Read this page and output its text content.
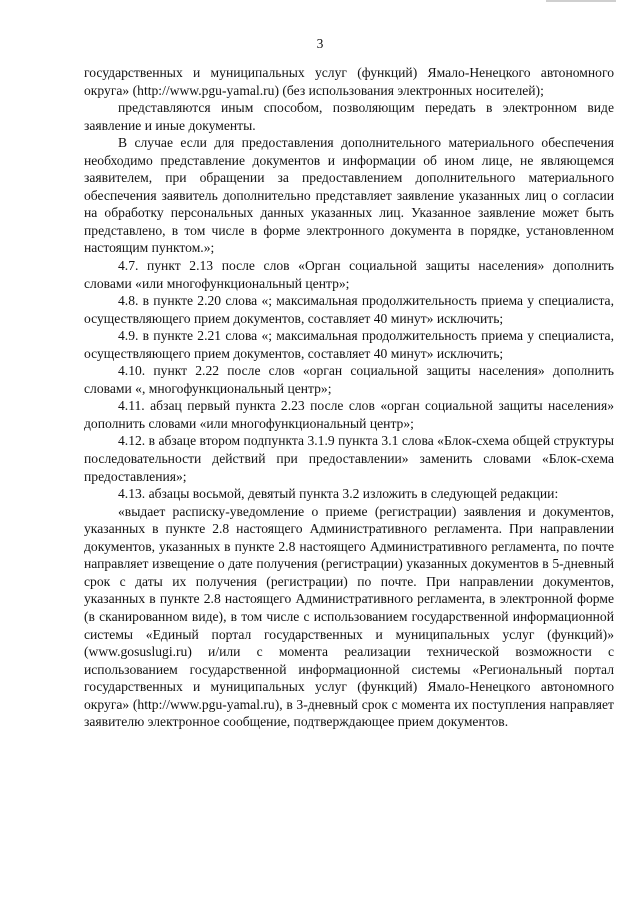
3

государственных и муниципальных услуг (функций) Ямало-Ненецкого автономного округа» (http://www.pgu-yamal.ru) (без использования электронных носителей);

представляются иным способом, позволяющим передать в электронном виде заявление и иные документы.

В случае если для предоставления дополнительного материального обеспечения необходимо представление документов и информации об ином лице, не являющемся заявителем, при обращении за предоставлением дополнительного материального обеспечения заявитель дополнительно представляет заявление указанных лиц о согласии на обработку персональных данных указанных лиц. Указанное заявление может быть представлено, в том числе в форме электронного документа в порядке, установленном настоящим пунктом.»;

4.7. пункт 2.13 после слов «Орган социальной защиты населения» дополнить словами «или многофункциональный центр»;

4.8. в пункте 2.20 слова «; максимальная продолжительность приема у специалиста, осуществляющего прием документов, составляет 40 минут» исключить;

4.9. в пункте 2.21 слова «; максимальная продолжительность приема у специалиста, осуществляющего прием документов, составляет 40 минут» исключить;

4.10. пункт 2.22 после слов «орган социальной защиты населения» дополнить словами «, многофункциональный центр»;

4.11. абзац первый пункта 2.23 после слов «орган социальной защиты населения» дополнить словами «или многофункциональный центр»;

4.12. в абзаце втором подпункта 3.1.9 пункта 3.1 слова «Блок-схема общей структуры последовательности действий при предоставлении» заменить словами «Блок-схема предоставления»;

4.13. абзацы восьмой, девятый пункта 3.2 изложить в следующей редакции:

«выдает расписку-уведомление о приеме (регистрации) заявления и документов, указанных в пункте 2.8 настоящего Административного регламента. При направлении документов, указанных в пункте 2.8 настоящего Административного регламента, по почте направляет извещение о дате получения (регистрации) указанных документов в 5-дневный срок с даты их получения (регистрации) по почте. При направлении документов, указанных в пункте 2.8 настоящего Административного регламента, в электронной форме (в сканированном виде), в том числе с использованием государственной информационной системы «Единый портал государственных и муниципальных услуг (функций)» (www.gosuslugi.ru) и/или с момента реализации технической возможности с использованием государственной информационной системы «Региональный портал государственных и муниципальных услуг (функций) Ямало-Ненецкого автономного округа» (http://www.pgu-yamal.ru), в 3-дневный срок с момента их поступления направляет заявителю электронное сообщение, подтверждающее прием документов.
